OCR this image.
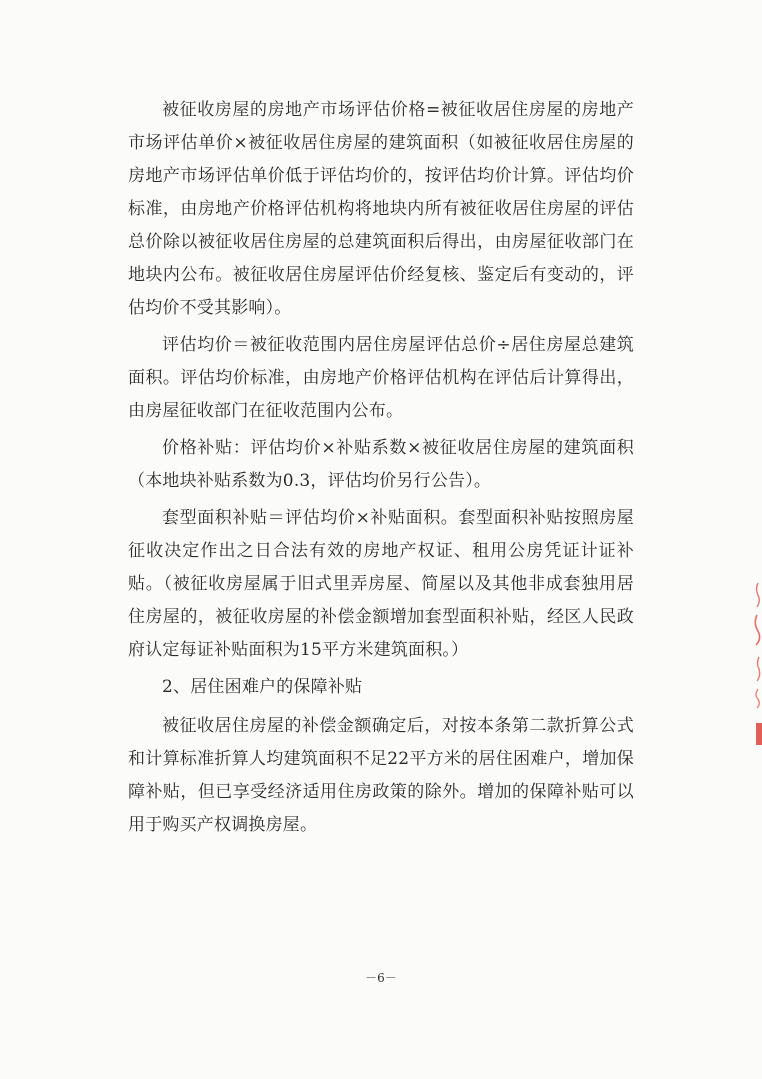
被征收房屋的房地产市场评估价格=被征收居住房屋的房地产市场评估单价×被征收居住房屋的建筑面积（如被征收居住房屋的房地产市场评估单价低于评估均价的，按评估均价计算。评估均价标准，由房地产价格评估机构将地块内所有被征收居住房屋的评估总价除以被征收居住房屋的总建筑面积后得出，由房屋征收部门在地块内公布。被征收居住房屋评估价经复核、鉴定后有变动的，评估均价不受其影响）。

评估均价＝被征收范围内居住房屋评估总价÷居住房屋总建筑面积。评估均价标准，由房地产价格评估机构在评估后计算得出，由房屋征收部门在征收范围内公布。

价格补贴：评估均价×补贴系数×被征收居住房屋的建筑面积（本地块补贴系数为0.3，评估均价另行公告）。

套型面积补贴＝评估均价×补贴面积。套型面积补贴按照房屋征收决定作出之日合法有效的房地产权证、租用公房凭证计证补贴。（被征收房屋属于旧式里弄房屋、简屋以及其他非成套独用居住房屋的，被征收房屋的补偿金额增加套型面积补贴，经区人民政府认定每证补贴面积为15平方米建筑面积。）

2、居住困难户的保障补贴

被征收居住房屋的补偿金额确定后，对按本条第二款折算公式和计算标准折算人均建筑面积不足22平方米的居住困难户，增加保障补贴，但已享受经济适用住房政策的除外。增加的保障补贴可以用于购买产权调换房屋。

－6－
